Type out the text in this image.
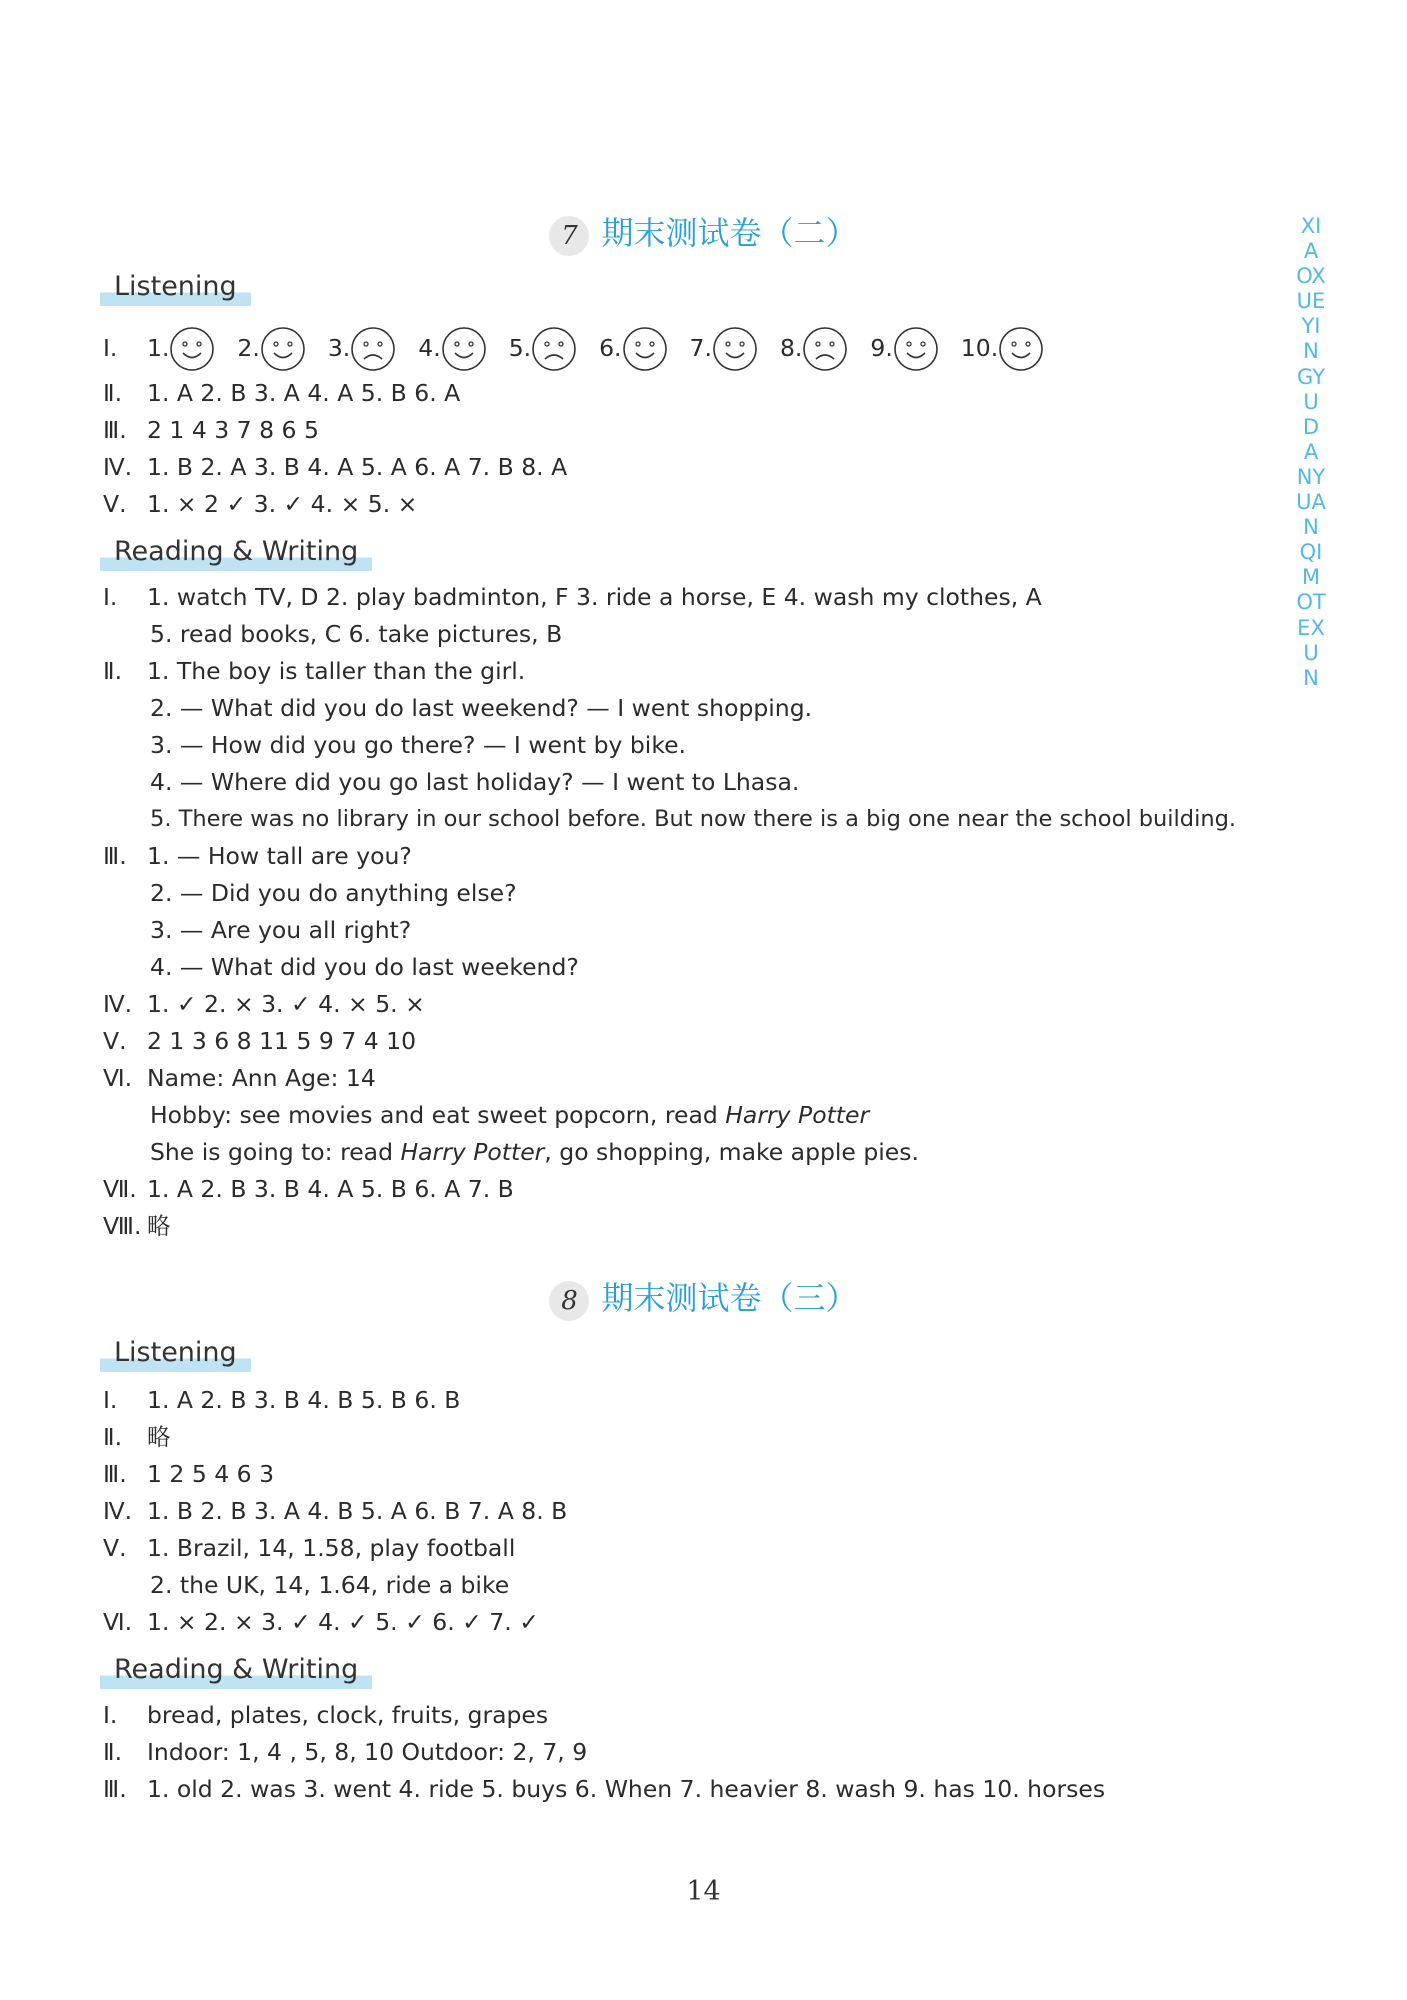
7 期末测试卷（二）
Listening
Ⅰ. 1.	2.	3.	4.	5.	6.	7.	8.	9.	10.
Ⅱ. 1. A 2. B 3. A 4. A 5. B 6. A
Ⅲ. 2 1 4 3 7 8 6 5
Ⅳ. 1. B 2. A 3. B 4. A 5. A 6. A 7. B 8. A
Ⅴ. 1. × 2 ✓ 3. ✓ 4. × 5. ×
Reading & Writing
Ⅰ. 1. watch TV, D 2. play badminton, F 3. ride a horse, E 4. wash my clothes, A
5. read books, C 6. take pictures, B
Ⅱ. 1. The boy is taller than the girl.
2. — What did you do last weekend? — I went shopping.
3. — How did you go there? — I went by bike.
4. — Where did you go last holiday? — I went to Lhasa.
5. There was no library in our school before. But now there is a big one near the school building.
Ⅲ. 1. — How tall are you?
2. — Did you do anything else?
3. — Are you all right?
4. — What did you do last weekend?
Ⅳ. 1. ✓ 2. × 3. ✓ 4. × 5. ×
Ⅴ. 2 1 3 6 8 11 5 9 7 4 10
Ⅵ. Name: Ann Age: 14
Hobby: see movies and eat sweet popcorn, read Harry Potter
She is going to: read Harry Potter, go shopping, make apple pies.
Ⅶ. 1. A 2. B 3. B 4. A 5. B 6. A 7. B
Ⅷ. 略
8 期末测试卷（三）
Listening
Ⅰ. 1. A 2. B 3. B 4. B 5. B 6. B
Ⅱ. 略
Ⅲ. 1 2 5 4 6 3
Ⅳ. 1. B 2. B 3. A 4. B 5. A 6. B 7. A 8. B
Ⅴ. 1. Brazil, 14, 1.58, play football
2. the UK, 14, 1.64, ride a bike
Ⅵ. 1. × 2. × 3. ✓ 4. ✓ 5. ✓ 6. ✓ 7. ✓
Reading & Writing
Ⅰ. bread, plates, clock, fruits, grapes
Ⅱ. Indoor: 1, 4 , 5, 8, 10 Outdoor: 2, 7, 9
Ⅲ. 1. old 2. was 3. went 4. ride 5. buys 6. When 7. heavier 8. wash 9. has 10. horses
XIAOXUEYINGYUDANYUANQIMOTEXUN
14
